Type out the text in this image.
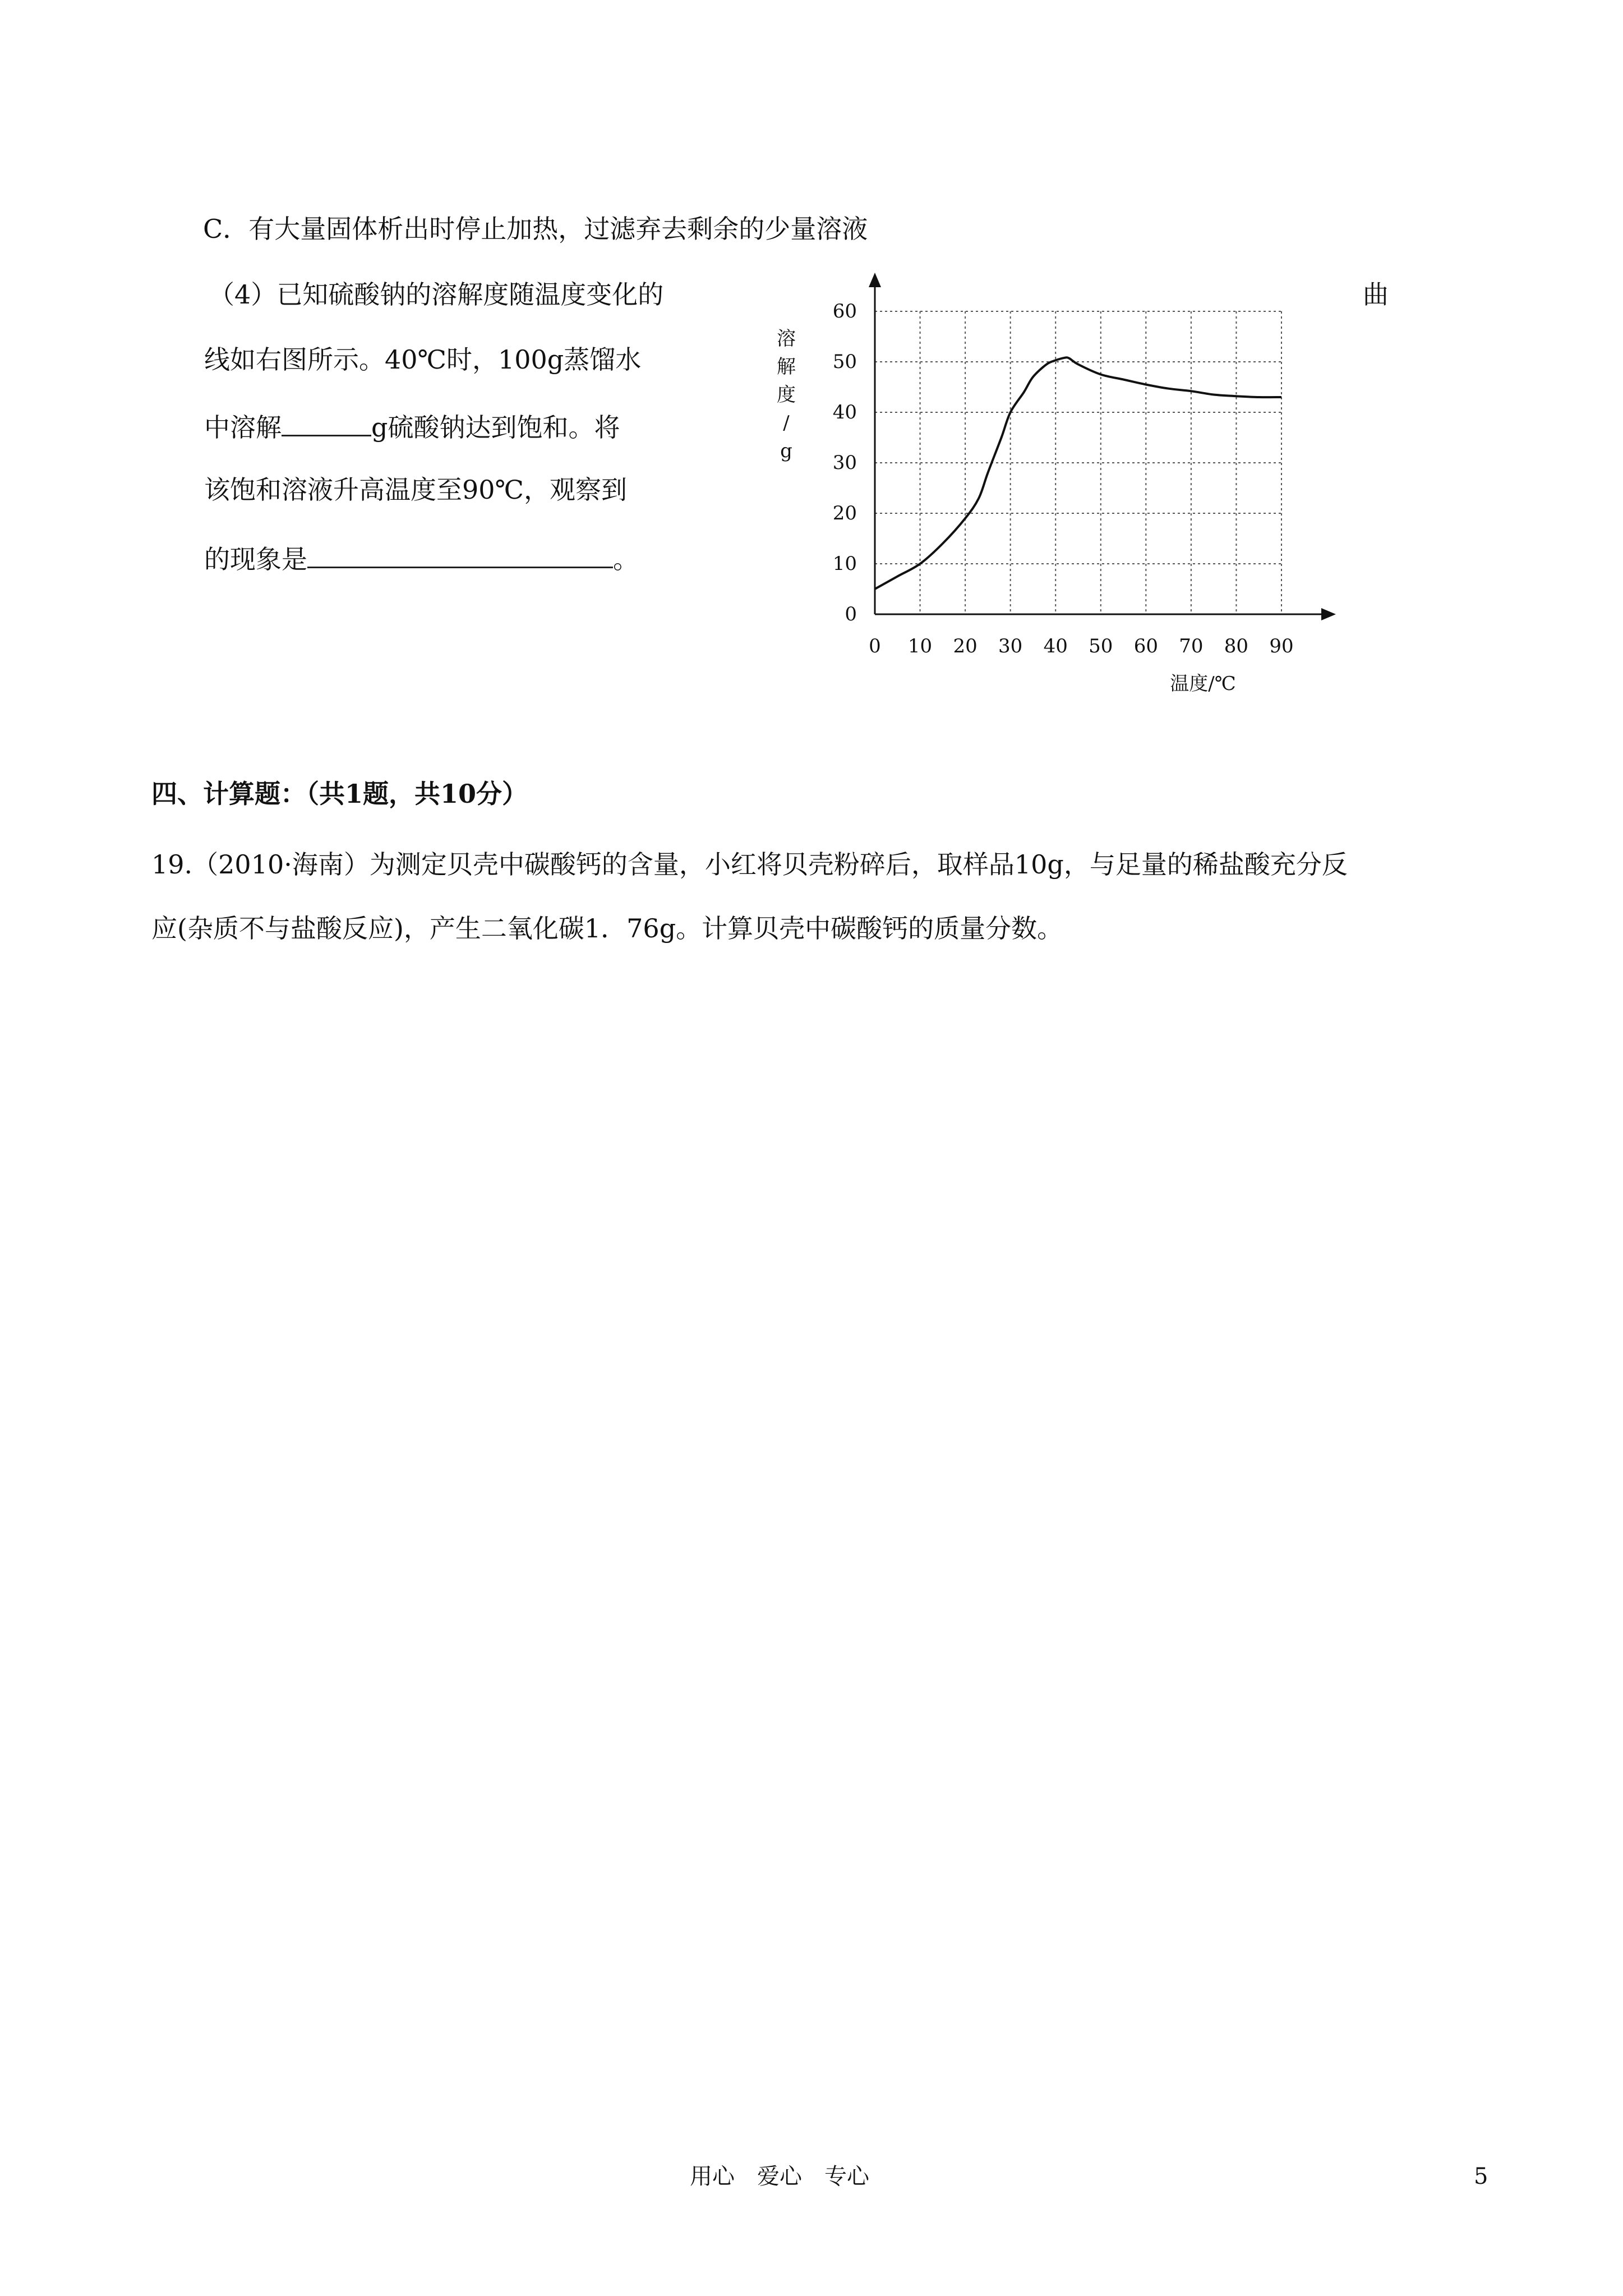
C．有大量固体析出时停止加热，过滤弃去剩余的少量溶液
（4）已知硫酸钠的溶解度随温度变化的	曲
线如右图所示。40℃时，100g蒸馏水
中溶解	g硫酸钠达到饱和。将
该饱和溶液升高温度至90℃，观察到
的现象是	。
0
10
20
30
40
50
60
0 10 20 30 40 50 60 70 80 90
溶
解
度
/
g
温度/℃
四、计算题：（共1题，共10分）
19.（2010·海南）为测定贝壳中碳酸钙的含量，小红将贝壳粉碎后，取样品10g，与足量的稀盐酸充分反
应(杂质不与盐酸反应)，产生二氧化碳1．76g。计算贝壳中碳酸钙的质量分数。
用心　爱心　专心	5
